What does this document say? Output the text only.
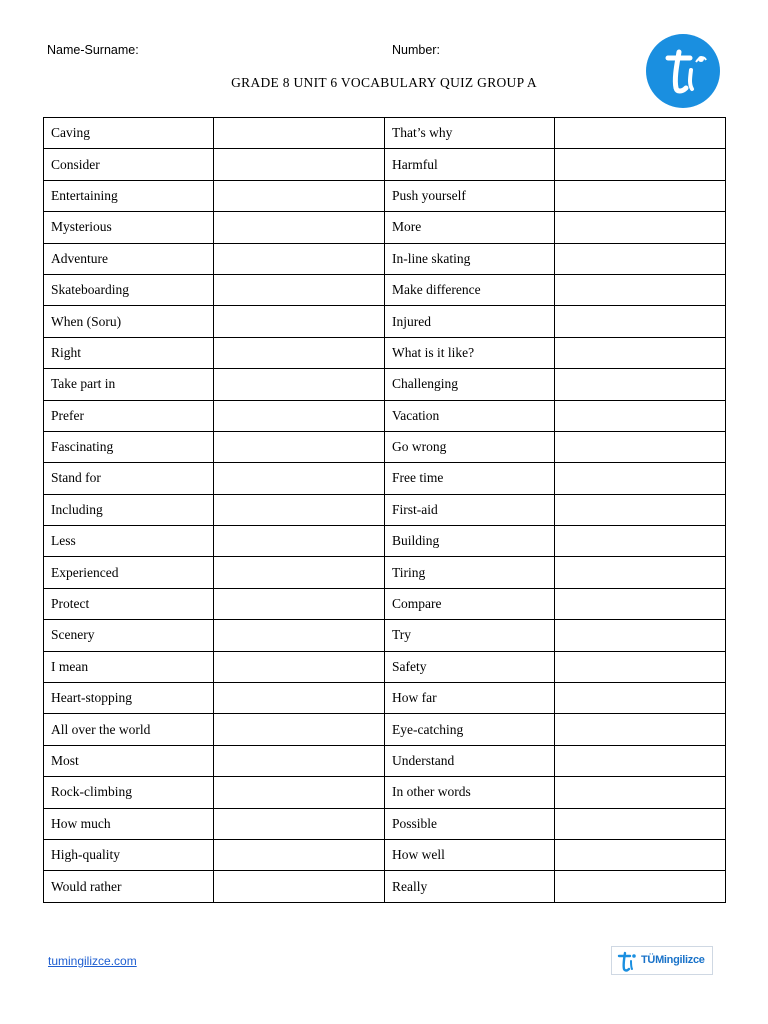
Name-Surname:	Number:
GRADE 8 UNIT 6 VOCABULARY QUIZ GROUP A
Caving		That’s why	
Consider		Harmful	
Entertaining		Push yourself	
Mysterious		More	
Adventure		In-line skating	
Skateboarding		Make difference	
When (Soru)		Injured	
Right		What is it like?	
Take part in		Challenging	
Prefer		Vacation	
Fascinating		Go wrong	
Stand for		Free time	
Including		First-aid	
Less		Building	
Experienced		Tiring	
Protect		Compare	
Scenery		Try	
I mean		Safety	
Heart-stopping		How far	
All over the world		Eye-catching	
Most		Understand	
Rock-climbing		In other words	
How much		Possible	
High-quality		How well	
Would rather		Really	
tumingilizce.com	TÜMingilizce
